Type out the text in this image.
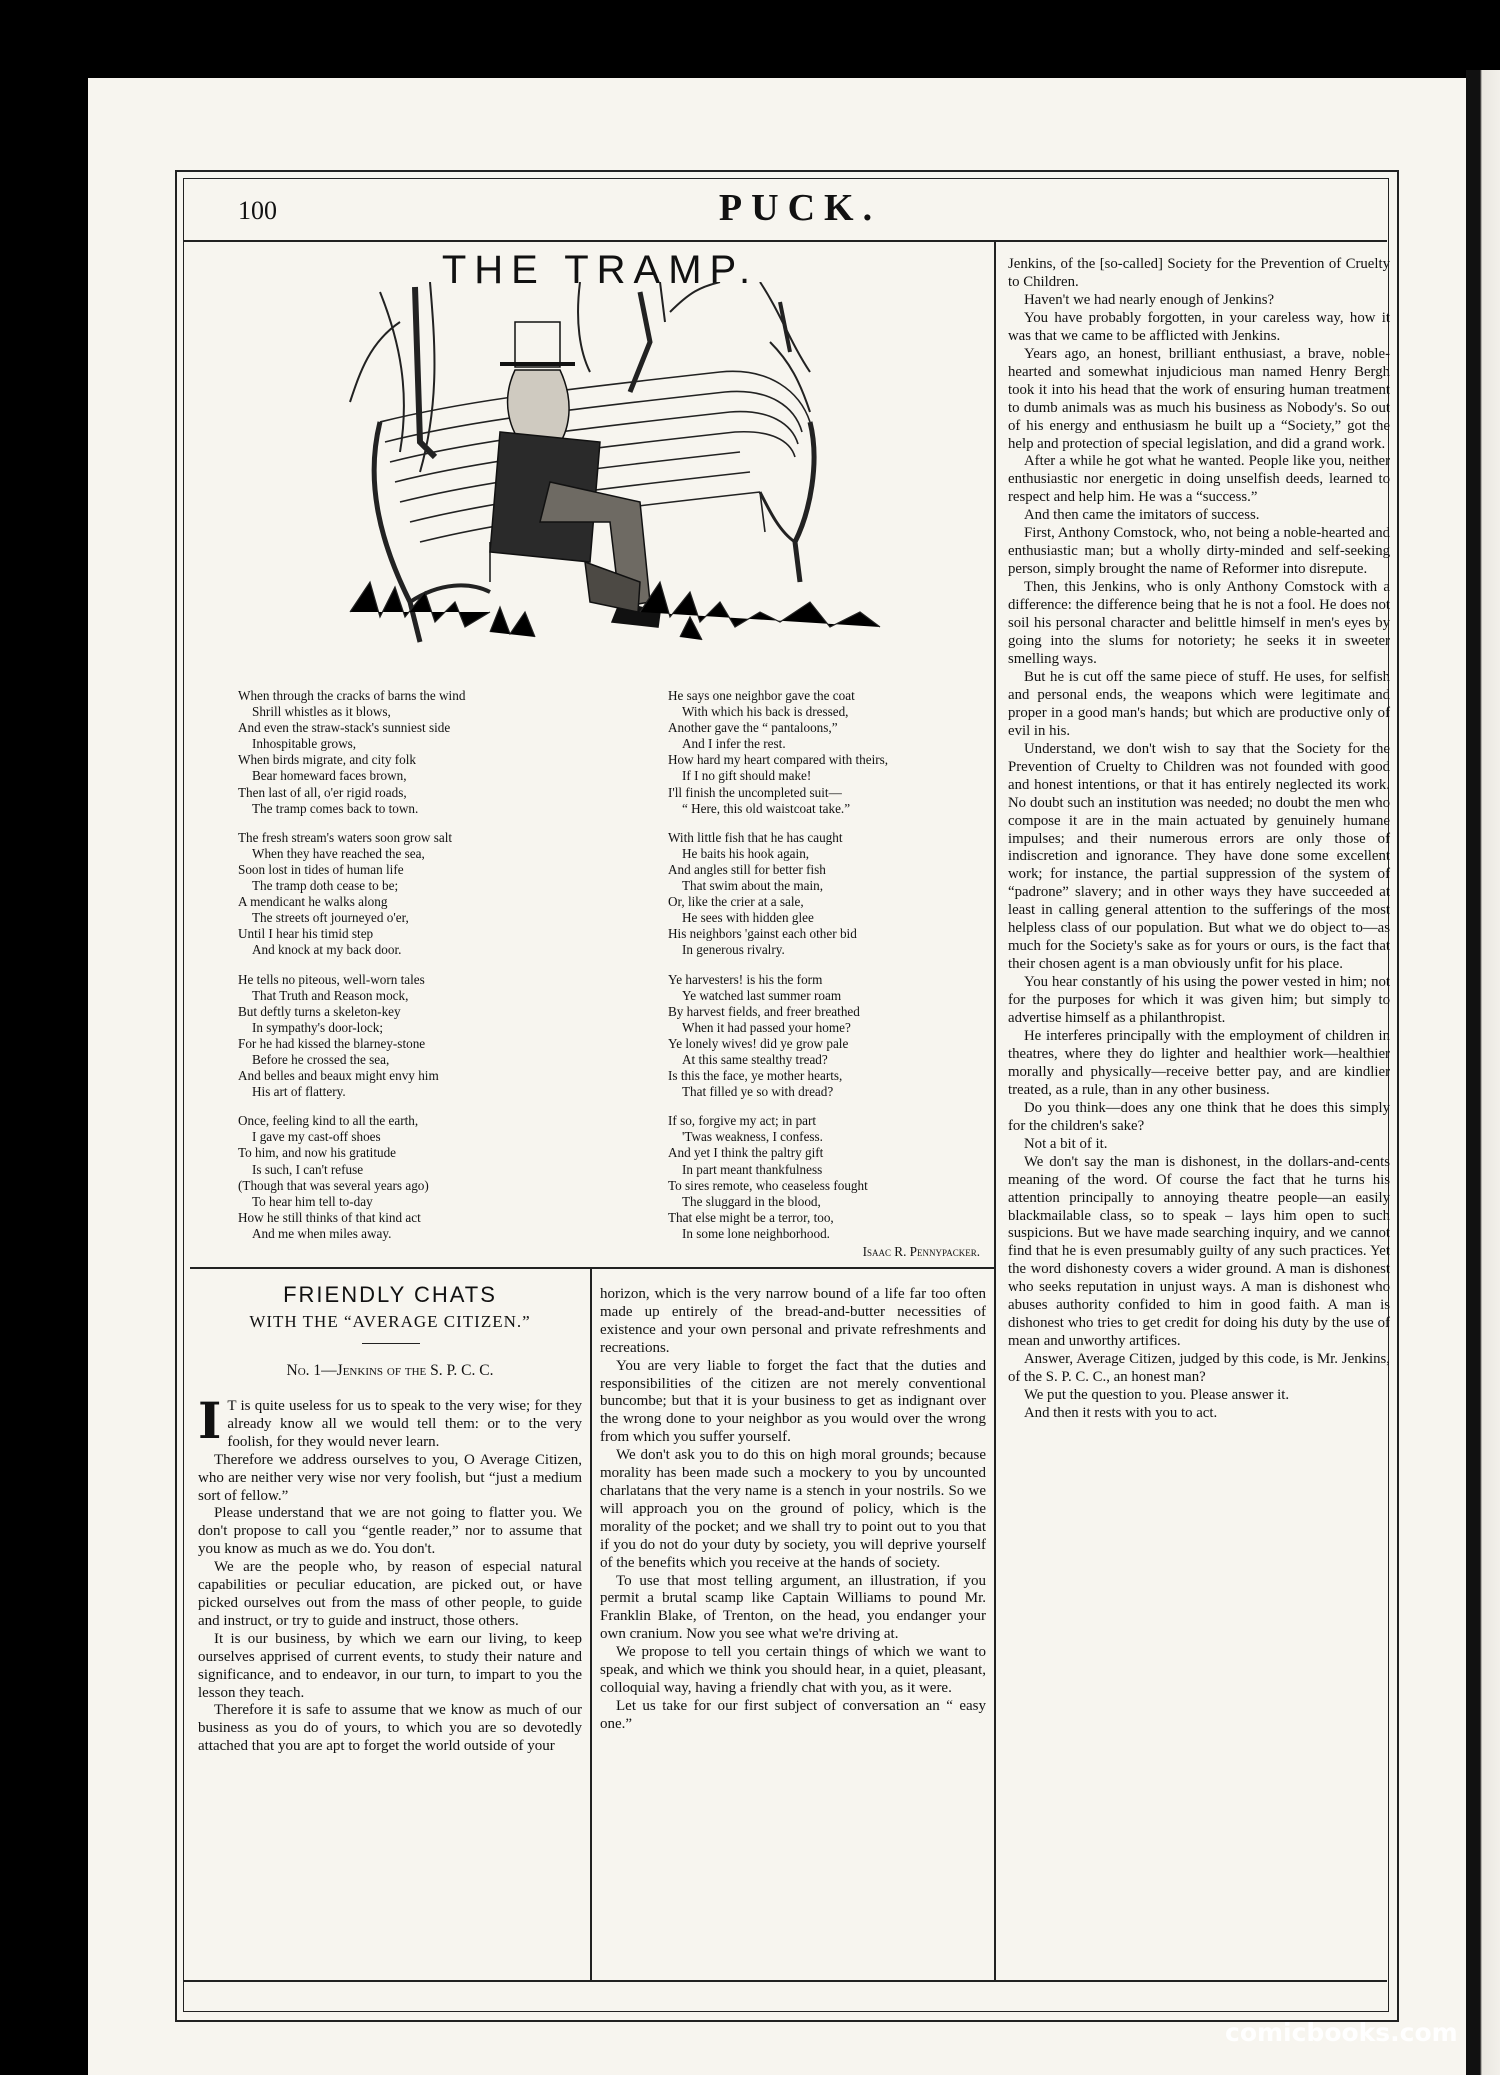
100	PUCK.
THE TRAMP.

When through the cracks of barns the wind
Shrill whistles as it blows,
And even the straw-stack's sunniest side
Inhospitable grows,
When birds migrate, and city folk
Bear homeward faces brown,
Then last of all, o'er rigid roads,
The tramp comes back to town.

The fresh stream's waters soon grow salt
When they have reached the sea,
Soon lost in tides of human life
The tramp doth cease to be;
A mendicant he walks along
The streets oft journeyed o'er,
Until I hear his timid step
And knock at my back door.

He tells no piteous, well-worn tales
That Truth and Reason mock,
But deftly turns a skeleton-key
In sympathy's door-lock;
For he had kissed the blarney-stone
Before he crossed the sea,
And belles and beaux might envy him
His art of flattery.

Once, feeling kind to all the earth,
I gave my cast-off shoes
To him, and now his gratitude
Is such, I can't refuse
(Though that was several years ago)
To hear him tell to-day
How he still thinks of that kind act
And me when miles away.

He says one neighbor gave the coat
With which his back is dressed,
Another gave the “ pantaloons,”
And I infer the rest.
How hard my heart compared with theirs,
If I no gift should make!
I'll finish the uncompleted suit—
“ Here, this old waistcoat take.”

With little fish that he has caught
He baits his hook again,
And angles still for better fish
That swim about the main,
Or, like the crier at a sale,
He sees with hidden glee
His neighbors 'gainst each other bid
In generous rivalry.

Ye harvesters! is his the form
Ye watched last summer roam
By harvest fields, and freer breathed
When it had passed your home?
Ye lonely wives! did ye grow pale
At this same stealthy tread?
Is this the face, ye mother hearts,
That filled ye so with dread?

If so, forgive my act; in part
'Twas weakness, I confess.
And yet I think the paltry gift
In part meant thankfulness
To sires remote, who ceaseless fought
The sluggard in the blood,
That else might be a terror, too,
In some lone neighborhood.
Isaac R. Pennypacker.

FRIENDLY CHATS
WITH THE “AVERAGE CITIZEN.”
No. 1—Jenkins of the S. P. C. C.

I T is quite useless for us to speak to the very wise; for they already know all we would tell them: or to the very foolish, for they would never learn.

Therefore we address ourselves to you, O Average Citizen, who are neither very wise nor very foolish, but “just a medium sort of fellow.”

Please understand that we are not going to flatter you. We don't propose to call you “gentle reader,” nor to assume that you know as much as we do. You don't.

We are the people who, by reason of especial natural capabilities or peculiar education, are picked out, or have picked ourselves out from the mass of other people, to guide and instruct, or try to guide and instruct, those others.

It is our business, by which we earn our living, to keep ourselves apprised of current events, to study their nature and significance, and to endeavor, in our turn, to impart to you the lesson they teach.

Therefore it is safe to assume that we know as much of our business as you do of yours, to which you are so devotedly attached that you are apt to forget the world outside of your

horizon, which is the very narrow bound of a life far too often made up entirely of the bread-and-butter necessities of existence and your own personal and private refreshments and recreations.

You are very liable to forget the fact that the duties and responsibilities of the citizen are not merely conventional buncombe; but that it is your business to get as indignant over the wrong done to your neighbor as you would over the wrong from which you suffer yourself.

We don't ask you to do this on high moral grounds; because morality has been made such a mockery to you by uncounted charlatans that the very name is a stench in your nostrils. So we will approach you on the ground of policy, which is the morality of the pocket; and we shall try to point out to you that if you do not do your duty by society, you will deprive yourself of the benefits which you receive at the hands of society.

To use that most telling argument, an illustration, if you permit a brutal scamp like Captain Williams to pound Mr. Franklin Blake, of Trenton, on the head, you endanger your own cranium. Now you see what we're driving at.

We propose to tell you certain things of which we want to speak, and which we think you should hear, in a quiet, pleasant, colloquial way, having a friendly chat with you, as it were.

Let us take for our first subject of conversation an “ easy one.”

Jenkins, of the [so-called] Society for the Prevention of Cruelty to Children.

Haven't we had nearly enough of Jenkins?

You have probably forgotten, in your careless way, how it was that we came to be afflicted with Jenkins.

Years ago, an honest, brilliant enthusiast, a brave, noble-hearted and somewhat injudicious man named Henry Bergh took it into his head that the work of ensuring human treatment to dumb animals was as much his business as Nobody's. So out of his energy and enthusiasm he built up a “Society,” got the help and protection of special legislation, and did a grand work.

After a while he got what he wanted. People like you, neither enthusiastic nor energetic in doing unselfish deeds, learned to respect and help him. He was a “success.”

And then came the imitators of success.

First, Anthony Comstock, who, not being a noble-hearted and enthusiastic man; but a wholly dirty-minded and self-seeking person, simply brought the name of Reformer into disrepute.

Then, this Jenkins, who is only Anthony Comstock with a difference: the difference being that he is not a fool. He does not soil his personal character and belittle himself in men's eyes by going into the slums for notoriety; he seeks it in sweeter smelling ways.

But he is cut off the same piece of stuff. He uses, for selfish and personal ends, the weapons which were legitimate and proper in a good man's hands; but which are productive only of evil in his.

Understand, we don't wish to say that the Society for the Prevention of Cruelty to Children was not founded with good and honest intentions, or that it has entirely neglected its work. No doubt such an institution was needed; no doubt the men who compose it are in the main actuated by genuinely humane impulses; and their numerous errors are only those of indiscretion and ignorance. They have done some excellent work; for instance, the partial suppression of the system of “padrone” slavery; and in other ways they have succeeded at least in calling general attention to the sufferings of the most helpless class of our population. But what we do object to—as much for the Society's sake as for yours or ours, is the fact that their chosen agent is a man obviously unfit for his place.

You hear constantly of his using the power vested in him; not for the purposes for which it was given him; but simply to advertise himself as a philanthropist.

He interferes principally with the employment of children in theatres, where they do lighter and healthier work—healthier morally and physically—receive better pay, and are kindlier treated, as a rule, than in any other business.

Do you think—does any one think that he does this simply for the children's sake?

Not a bit of it.

We don't say the man is dishonest, in the dollars-and-cents meaning of the word. Of course the fact that he turns his attention principally to annoying theatre people—an easily blackmailable class, so to speak – lays him open to such suspicions. But we have made searching inquiry, and we cannot find that he is even presumably guilty of any such practices. Yet the word dishonesty covers a wider ground. A man is dishonest who seeks reputation in unjust ways. A man is dishonest who abuses authority confided to him in good faith. A man is dishonest who tries to get credit for doing his duty by the use of mean and unworthy artifices.

Answer, Average Citizen, judged by this code, is Mr. Jenkins, of the S. P. C. C., an honest man?

We put the question to you. Please answer it.

And then it rests with you to act.

comicbooks.com
